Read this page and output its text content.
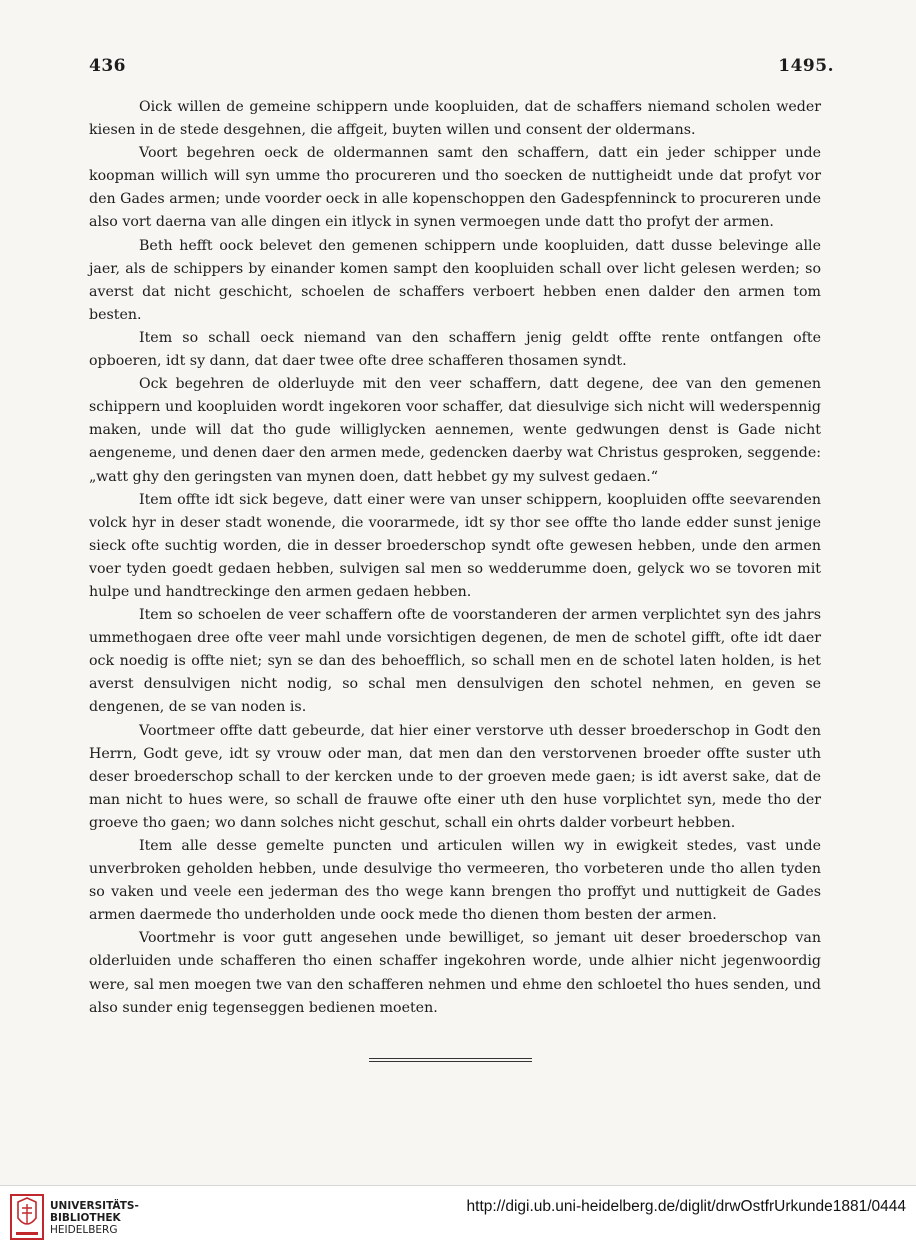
436	1495.

Oick willen de gemeine schippern unde koopluiden, dat de schaffers niemand scholen weder kiesen in de stede desgehnen, die affgeit, buyten willen und consent der oldermans.

Voort begehren oeck de oldermannen samt den schaffern, datt ein jeder schipper unde koopman willich will syn umme tho procureren und tho soecken de nuttigheidt unde dat profyt vor den Gades armen; unde voorder oeck in alle kopenschoppen den Gadespfenninck to procureren unde also vort daerna van alle dingen ein itlyck in synen vermoegen unde datt tho profyt der armen.

Beth hefft oock belevet den gemenen schippern unde koopluiden, datt dusse belevinge alle jaer, als de schippers by einander komen sampt den koopluiden schall over licht gelesen werden; so averst dat nicht geschicht, schoelen de schaffers verboert hebben enen dalder den armen tom besten.

Item so schall oeck niemand van den schaffern jenig geldt offte rente ontfangen ofte opboeren, idt sy dann, dat daer twee ofte dree schafferen thosamen syndt.

Ock begehren de olderluyde mit den veer schaffern, datt degene, dee van den gemenen schippern und koopluiden wordt ingekoren voor schaffer, dat diesulvige sich nicht will wederspennig maken, unde will dat tho gude williglycken aennemen, wente gedwungen denst is Gade nicht aengeneme, und denen daer den armen mede, gedencken daerby wat Christus gesproken, seggende: „watt ghy den geringsten van mynen doen, datt hebbet gy my sulvest gedaen.“

Item offte idt sick begeve, datt einer were van unser schippern, koopluiden offte seevarenden volck hyr in deser stadt wonende, die voorarmede, idt sy thor see offte tho lande edder sunst jenige sieck ofte suchtig worden, die in desser broederschop syndt ofte gewesen hebben, unde den armen voer tyden goedt gedaen hebben, sulvigen sal men so wedderumme doen, gelyck wo se tovoren mit hulpe und handtreckinge den armen gedaen hebben.

Item so schoelen de veer schaffern ofte de voorstanderen der armen verplichtet syn des jahrs ummethogaen dree ofte veer mahl unde vorsichtigen degenen, de men de schotel gifft, ofte idt daer ock noedig is offte niet; syn se dan des behoefflich, so schall men en de schotel laten holden, is het averst densulvigen nicht nodig, so schal men densulvigen den schotel nehmen, en geven se dengenen, de se van noden is.

Voortmeer offte datt gebeurde, dat hier einer verstorve uth desser broederschop in Godt den Herrn, Godt geve, idt sy vrouw oder man, dat men dan den verstorvenen broeder offte suster uth deser broederschop schall to der kercken unde to der groeven mede gaen; is idt averst sake, dat de man nicht to hues were, so schall de frauwe ofte einer uth den huse vorplichtet syn, mede tho der groeve tho gaen; wo dann solches nicht geschut, schall ein ohrts dalder vorbeurt hebben.

Item alle desse gemelte puncten und articulen willen wy in ewigkeit stedes, vast unde unverbroken geholden hebben, unde desulvige tho vermeeren, tho vorbeteren unde tho allen tyden so vaken und veele een jederman des tho wege kann brengen tho proffyt und nuttigkeit de Gades armen daermede tho underholden unde oock mede tho dienen thom besten der armen.

Voortmehr is voor gutt angesehen unde bewilliget, so jemant uit deser broederschop van olderluiden unde schafferen tho einen schaffer ingekohren worde, unde alhier nicht jegenwoordig were, sal men moegen twe van den schafferen nehmen und ehme den schloetel tho hues senden, und also sunder enig tegenseggen bedienen moeten.

UNIVERSITÄTS-
BIBLIOTHEK
HEIDELBERG
http://digi.ub.uni-heidelberg.de/diglit/drwOstfrUrkunde1881/0444
